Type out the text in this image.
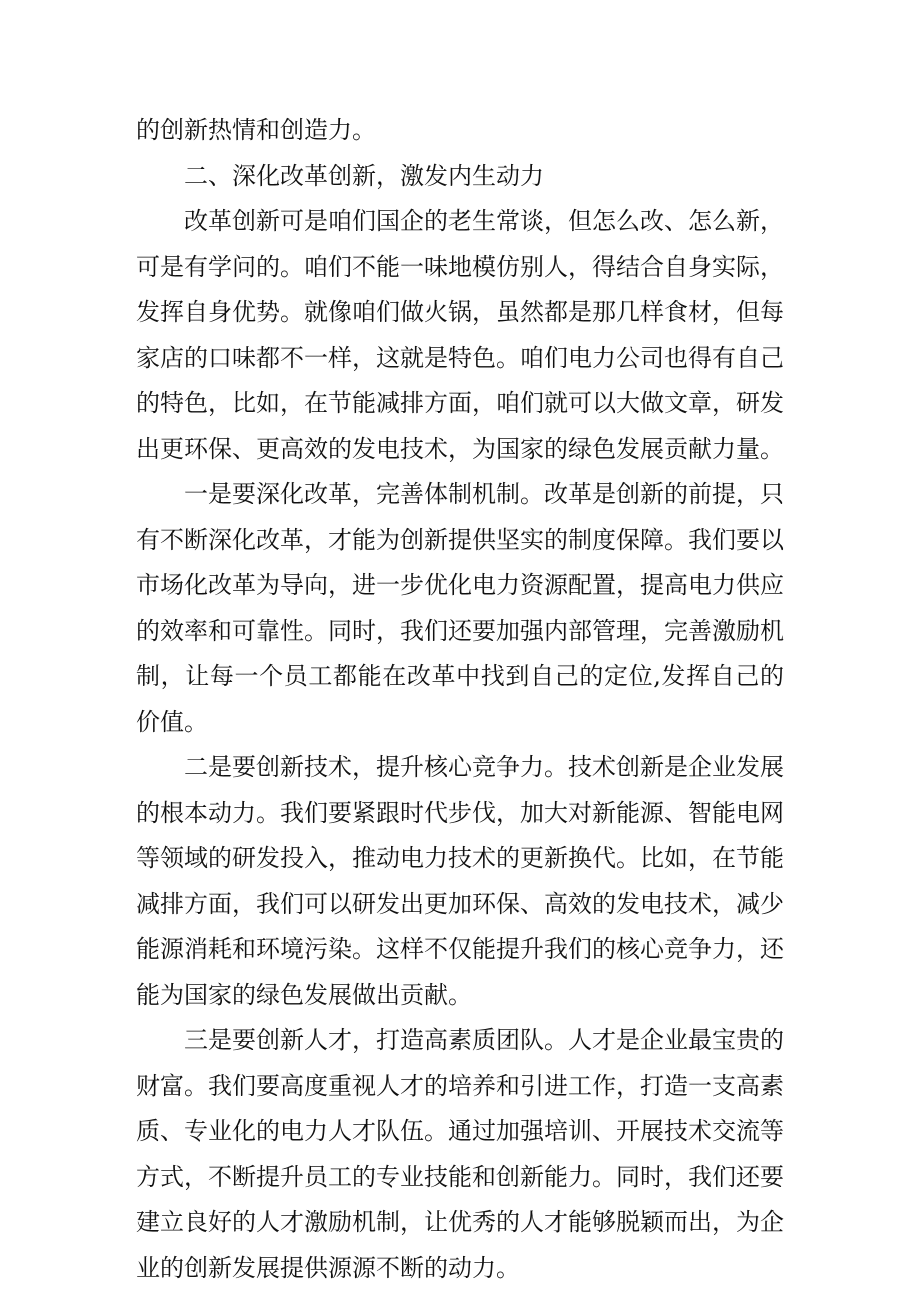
的创新热情和创造力。

二、深化改革创新，激发内生动力

改革创新可是咱们国企的老生常谈，但怎么改、怎么新，可是有学问的。咱们不能一味地模仿别人，得结合自身实际，发挥自身优势。就像咱们做火锅，虽然都是那几样食材，但每家店的口味都不一样，这就是特色。咱们电力公司也得有自己的特色，比如，在节能减排方面，咱们就可以大做文章，研发出更环保、更高效的发电技术，为国家的绿色发展贡献力量。

一是要深化改革，完善体制机制。改革是创新的前提，只有不断深化改革，才能为创新提供坚实的制度保障。我们要以市场化改革为导向，进一步优化电力资源配置，提高电力供应的效率和可靠性。同时，我们还要加强内部管理，完善激励机制，让每一个员工都能在改革中找到自己的定位,发挥自己的价值。

二是要创新技术，提升核心竞争力。技术创新是企业发展的根本动力。我们要紧跟时代步伐，加大对新能源、智能电网等领域的研发投入，推动电力技术的更新换代。比如，在节能减排方面，我们可以研发出更加环保、高效的发电技术，减少能源消耗和环境污染。这样不仅能提升我们的核心竞争力，还能为国家的绿色发展做出贡献。

三是要创新人才，打造高素质团队。人才是企业最宝贵的财富。我们要高度重视人才的培养和引进工作，打造一支高素质、专业化的电力人才队伍。通过加强培训、开展技术交流等方式，不断提升员工的专业技能和创新能力。同时，我们还要建立良好的人才激励机制，让优秀的人才能够脱颖而出，为企业的创新发展提供源源不断的动力。
